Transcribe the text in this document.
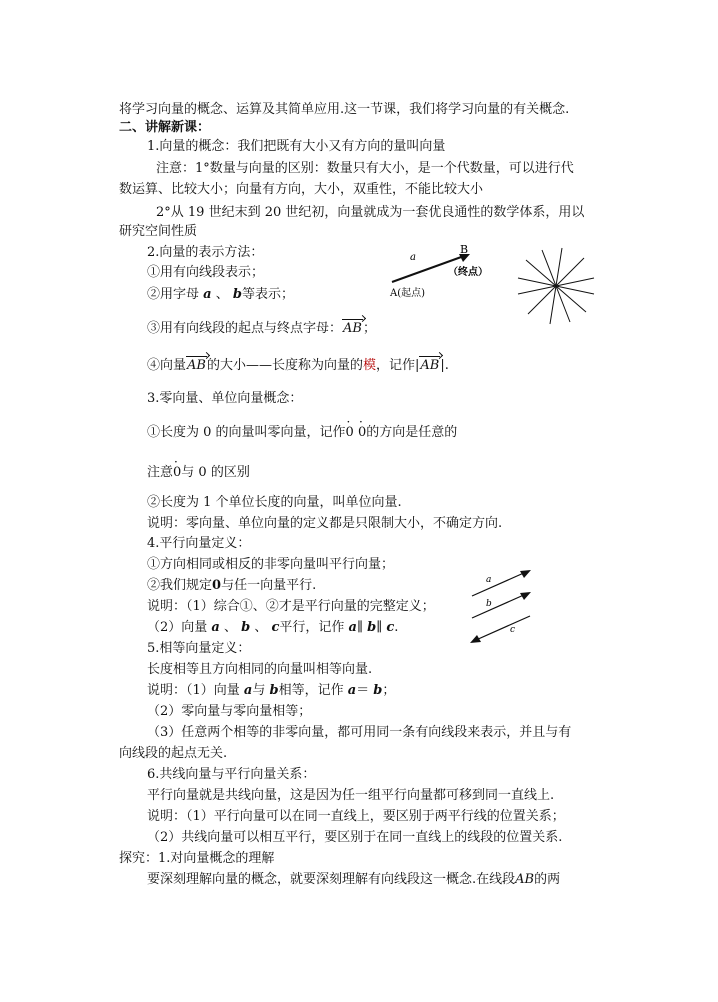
将学习向量的概念、运算及其简单应用.这一节课，我们将学习向量的有关概念.
二、讲解新课：
1.向量的概念：我们把既有大小又有方向的量叫向量
注意：1°数量与向量的区别：数量只有大小，是一个代数量，可以进行代
数运算、比较大小；向量有方向，大小，双重性，不能比较大小
2°从 19 世纪末到 20 世纪初，向量就成为一套优良通性的数学体系，用以
研究空间性质
2.向量的表示方法：
①用有向线段表示；
②用字母 a 、 b等表示；
③用有向线段的起点与终点字母：AB；
④向量AB的大小——长度称为向量的模，记作|AB|.
3.零向量、单位向量概念：
①长度为 0 的向量叫零向量，记作· 0 · 0的方向是任意的
注意· 0与 0 的区别
②长度为 1 个单位长度的向量，叫单位向量.
说明：零向量、单位向量的定义都是只限制大小，不确定方向.
4.平行向量定义：
①方向相同或相反的非零向量叫平行向量；
②我们规定0与任一向量平行.
说明：（1）综合①、②才是平行向量的完整定义；
（2）向量 a 、 b 、 c平行，记作 a∥ b∥ c.
5.相等向量定义：
长度相等且方向相同的向量叫相等向量.
说明：（1）向量 a与 b相等，记作 a＝ b；
（2）零向量与零向量相等；
（3）任意两个相等的非零向量，都可用同一条有向线段来表示，并且与有
向线段的起点无关.
6.共线向量与平行向量关系：
平行向量就是共线向量，这是因为任一组平行向量都可移到同一直线上.
说明：（1）平行向量可以在同一直线上，要区别于两平行线的位置关系；
（2）共线向量可以相互平行，要区别于在同一直线上的线段的位置关系.
探究：1.对向量概念的理解
要深刻理解向量的概念，就要深刻理解有向线段这一概念.在线段AB的两
a
B
（终点）
A(起点)
a
b
c
